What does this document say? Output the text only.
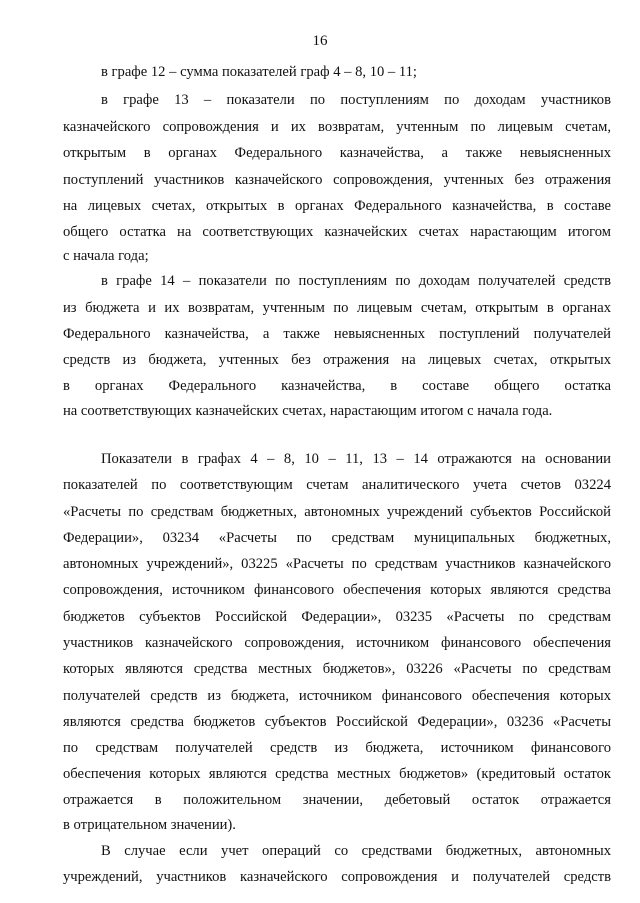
16
в графе 12 – сумма показателей граф 4 – 8, 10 – 11;
в графе 13 – показатели по поступлениям по доходам участников
казначейского сопровождения и их возвратам, учтенным по лицевым счетам,
открытым в органах Федерального казначейства, а также невыясненных
поступлений участников казначейского сопровождения, учтенных без отражения
на лицевых счетах, открытых в органах Федерального казначейства, в составе
общего остатка на соответствующих казначейских счетах нарастающим итогом
с начала года;
в графе 14 – показатели по поступлениям по доходам получателей средств
из бюджета и их возвратам, учтенным по лицевым счетам, открытым в органах
Федерального казначейства, а также невыясненных поступлений получателей
средств из бюджета, учтенных без отражения на лицевых счетах, открытых
в органах Федерального казначейства, в составе общего остатка
на соответствующих казначейских счетах, нарастающим итогом с начала года.
Показатели в графах 4 – 8, 10 – 11, 13 – 14 отражаются на основании
показателей по соответствующим счетам аналитического учета счетов 03224
«Расчеты по средствам бюджетных, автономных учреждений субъектов Российской
Федерации», 03234 «Расчеты по средствам муниципальных бюджетных,
автономных учреждений», 03225 «Расчеты по средствам участников казначейского
сопровождения, источником финансового обеспечения которых являются средства
бюджетов субъектов Российской Федерации», 03235 «Расчеты по средствам
участников казначейского сопровождения, источником финансового обеспечения
которых являются средства местных бюджетов», 03226 «Расчеты по средствам
получателей средств из бюджета, источником финансового обеспечения которых
являются средства бюджетов субъектов Российской Федерации», 03236 «Расчеты
по средствам получателей средств из бюджета, источником финансового
обеспечения которых являются средства местных бюджетов» (кредитовый остаток
отражается в положительном значении, дебетовый остаток отражается
в отрицательном значении).
В случае если учет операций со средствами бюджетных, автономных
учреждений, участников казначейского сопровождения и получателей средств
